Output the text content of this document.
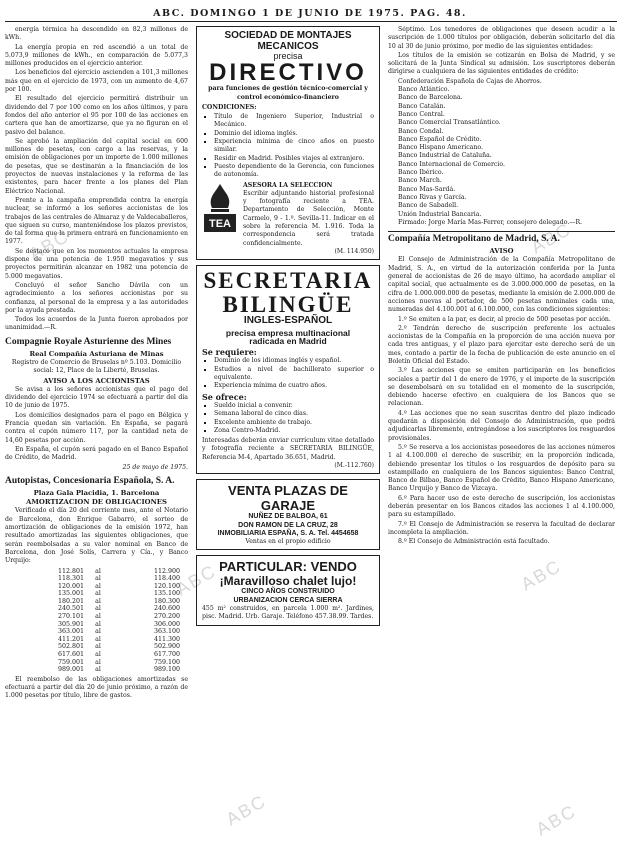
ABC. DOMINGO 1 DE JUNIO DE 1975. PAG. 48.
ABC	ABC
ABC	ABC
ABC	ABC

energía térmica ha descendido en 82,3 millones de kWh.

La energía propia en red ascendió a un total de 5.073,9 millones de kWh., en comparación de 5.077,3 millones producidos en el ejercicio anterior.

Los beneficios del ejercicio ascienden a 101,3 millones más que en el ejercicio de 1973, con un aumento de 4,67 por 100.

El resultado del ejercicio permitirá distribuir un dividendo del 7 por 100 como en los años últimos, y para fondos del año anterior el 95 por 100 de las acciones en cartera que han de amortizarse, que ya no figuran en el pasivo del balance.

Se aprobó la ampliación del capital social en 600 millones de pesetas, con cargo a las reservas, y la emisión de obligaciones por un importe de 1.000 millones de pesetas, que se destinarán a la financiación de los proyectos de nuevas instalaciones y la reforma de las existentes, para hacer frente a los planes del Plan Eléctrico Nacional.

Frente a la campaña emprendida contra la energía nuclear, se informó a los señores accionistas de los trabajos de las centrales de Almaraz y de Valdecaballeros, que siguen su curso, manteniéndose los plazos previstos, de tal forma que la primera entrará en funcionamiento en 1977.

Se destacó que en los momentos actuales la empresa dispone de una potencia de 1.950 megavatios y sus proyectos permitirán alcanzar en 1982 una potencia de 5.000 megavatios.

Concluyó el señor Sancho Dávila con un agradecimiento a los señores accionistas por su confianza, al personal de la empresa y a las autoridades por la ayuda prestada.

Todos los acuerdos de la Junta fueron aprobados por unanimidad.—R.

Compagnie Royale Asturienne des Mines
Real Compañía Asturiana de Minas
Registro de Comercio de Bruselas nº 5.103. Domicilio social: 12, Place de la Liberté, Bruselas.
AVISO A LOS ACCIONISTAS

Se avisa a los señores accionistas que el pago del dividendo del ejercicio 1974 se efectuará a partir del día 10 de junio de 1975.

Los domicilios designados para el pago en Bélgica y Francia quedan sin variación. En España, se pagará contra el cupón número 117, por la cantidad neta de 14,60 pesetas por acción.

En España, el cupón será pagado en el Banco Español de Crédito, de Madrid.

25 de mayo de 1975.
Autopistas, Concesionaria Española, S. A.
Plaza Gala Placidia, 1. Barcelona
AMORTIZACION DE OBLIGACIONES

Verificado el día 20 del corriente mes, ante el Notario de Barcelona, don Enrique Gabarró, el sorteo de amortización de obligaciones de la emisión 1972, han resultado amortizadas las siguientes obligaciones, que serán reembolsadas a su valor nominal en Banco de Barcelona, don José Solís, Carrera y Cía., y Banco Urquijo:

112.801	al	112.900
118.301	al	118.400
120.001	al	120.100
135.001	al	135.100
180.201	al	180.300
240.501	al	240.600
270.101	al	270.200
305.901	al	306.000
363.001	al	363.100
411.201	al	411.300
502.801	al	502.900
617.601	al	617.700
759.001	al	759.100
989.001	al	989.100

El reembolso de las obligaciones amortizadas se efectuará a partir del día 20 de junio próximo, a razón de 1.000 pesetas por título, libre de gastos.

SOCIEDAD DE MONTAJES
MECANICOS
precisa
DIRECTIVO
para funciones de gestión técnico-comercial y control económico-financiero
CONDICIONES:
▪ Título de Ingeniero Superior, Industrial o Mecánico.
▪ Dominio del idioma inglés.
▪ Experiencia mínima de cinco años en puesto similar.
▪ Residir en Madrid. Posibles viajes al extranjero.
▪ Puesto dependiente de la Gerencia, con funciones de autonomía.
TEA
ASESORA LA SELECCION
Escribir adjuntando historial profesional y fotografía reciente a TEA. Departamento de Selección, Monte Carmelo, 9 - 1.º. Sevilla-11. Indicar en el sobre la referencia M. 1.916. Toda la correspondencia será tratada confidencialmente.
(M. 114.950)
SECRETARIA
BILINGÜE
INGLES-ESPAÑOL
precisa empresa multinacional
radicada en Madrid
Se requiere:
▪ Dominio de los idiomas inglés y español.
▪ Estudios a nivel de bachillerato superior o equivalente.
▪ Experiencia mínima de cuatro años.
Se ofrece:
▪ Sueldo inicial a convenir.
▪ Semana laboral de cinco días.
▪ Excelente ambiente de trabajo.
▪ Zona Centro-Madrid.
Interesadas deberán enviar currículum vitae detallado y fotografía reciente a SECRETARIA BILINGÜE, Referencia M-4, Apartado 36.651, Madrid.
(M.-112.760)
VENTA PLAZAS DE GARAJE
NUÑEZ DE BALBOA, 61
DON RAMON DE LA CRUZ, 28
INMOBILIARIA ESPAÑA, S. A. Tel. 4454658
Ventas en el propio edificio
PARTICULAR: VENDO
¡Maravilloso chalet lujo!
CINCO AÑOS CONSTRUIDO
URBANIZACION CERCA SIERRA
455 m² construidos, en parcela 1.000 m². Jardines, pisc. Madrid. Urb. Garaje. Teléfono 457.38.99. Tardes.

Séptimo. Los tenedores de obligaciones que deseen acudir a la suscripción de 1.000 títulos por obligación, deberán solicitarlo del día 10 al 30 de junio próximo, por medio de las siguientes entidades:

Los títulos de la emisión se cotizarán en Bolsa de Madrid, y se solicitará de la Junta Sindical su admisión. Los suscriptores deberán dirigirse a cualquiera de las siguientes entidades de crédito:

Confederación Española de Cajas de Ahorros.
Banco Atlántico.
Banco de Barcelona.
Banco Catalán.
Banco Central.
Banco Comercial Transatlántico.
Banco Condal.
Banco Español de Crédito.
Banco Hispano Americano.
Banco Industrial de Cataluña.
Banco Internacional de Comercio.
Banco Ibérico.
Banco March.
Banco Mas-Sardá.
Banco Rivas y García.
Banco de Sabadell.
Unión Industrial Bancaria.

Firmado: Jorge María Mas-Ferrer, consejero delegado.—R.

Compañía Metropolitano de Madrid, S. A.
AVISO

El Consejo de Administración de la Compañía Metropolitano de Madrid, S. A., en virtud de la autorización conferida por la Junta general de accionistas de 26 de mayo último, ha acordado ampliar el capital social, que actualmente es de 3.000.000.000 de pesetas, en la cifra de 1.000.000.000 de pesetas, mediante la emisión de 2.000.000 de acciones nuevas al portador, de 500 pesetas nominales cada una, numeradas del 4.100.001 al 6.100.000, con las condiciones siguientes:

1.º Se emiten a la par, es decir, al precio de 500 pesetas por acción.

2.º Tendrán derecho de suscripción preferente los actuales accionistas de la Compañía en la proporción de una acción nueva por cada tres antiguas, y el plazo para ejercitar este derecho será de un mes, contado a partir de la fecha de publicación de este anuncio en el Boletín Oficial del Estado.

3.º Las acciones que se emiten participarán en los beneficios sociales a partir del 1 de enero de 1976, y el importe de la suscripción se desembolsará en su totalidad en el momento de la suscripción, debiendo hacerse efectivo en cualquiera de los Bancos que se relacionan.

4.º Las acciones que no sean suscritas dentro del plazo indicado quedarán a disposición del Consejo de Administración, que podrá adjudicarlas libremente, entregándose a los suscriptores los resguardos provisionales.

5.º Se reserva a los accionistas poseedores de las acciones números 1 al 4.100.000 el derecho de suscribir, en la proporción indicada, debiendo presentar los títulos o los resguardos de depósito para su estampillado en cualquiera de los Bancos siguientes: Banco Central, Banco de Bilbao, Banco Español de Crédito, Banco Hispano Americano, Banco Urquijo y Banco de Vizcaya.

6.º Para hacer uso de este derecho de suscripción, los accionistas deberán presentar en los Bancos citados las acciones 1 al 4.100.000, para su estampillado.

7.º El Consejo de Administración se reserva la facultad de declarar incompleta la ampliación.

8.º El Consejo de Administración está facultado.
